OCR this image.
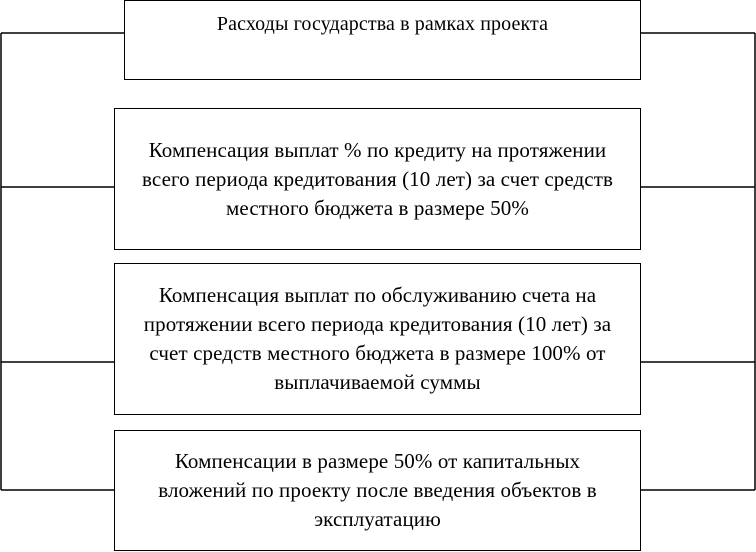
Расходы государства в рамках проекта
Компенсация выплат % по кредиту на протяжении всего периода кредитования (10 лет) за счет средств местного бюджета в размере 50%
Компенсация выплат по обслуживанию счета на протяжении всего периода кредитования (10 лет) за счет средств местного бюджета в размере 100% от выплачиваемой суммы
Компенсации в размере 50% от капитальных вложений по проекту после введения объектов в эксплуатацию
